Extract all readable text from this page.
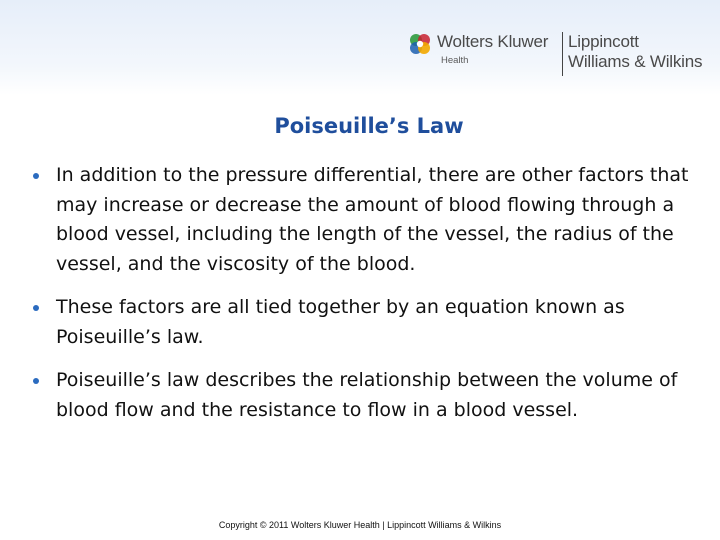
Wolters Kluwer
Health
Lippincott
Williams & Wilkins
Poiseuille’s Law
In addition to the pressure differential, there are other factors that may increase or decrease the amount of blood flowing through a blood vessel, including the length of the vessel, the radius of the vessel, and the viscosity of the blood.
These factors are all tied together by an equation known as Poiseuille’s law.
Poiseuille’s law describes the relationship between the volume of blood flow and the resistance to flow in a blood vessel.
Copyright © 2011 Wolters Kluwer Health | Lippincott Williams & Wilkins
